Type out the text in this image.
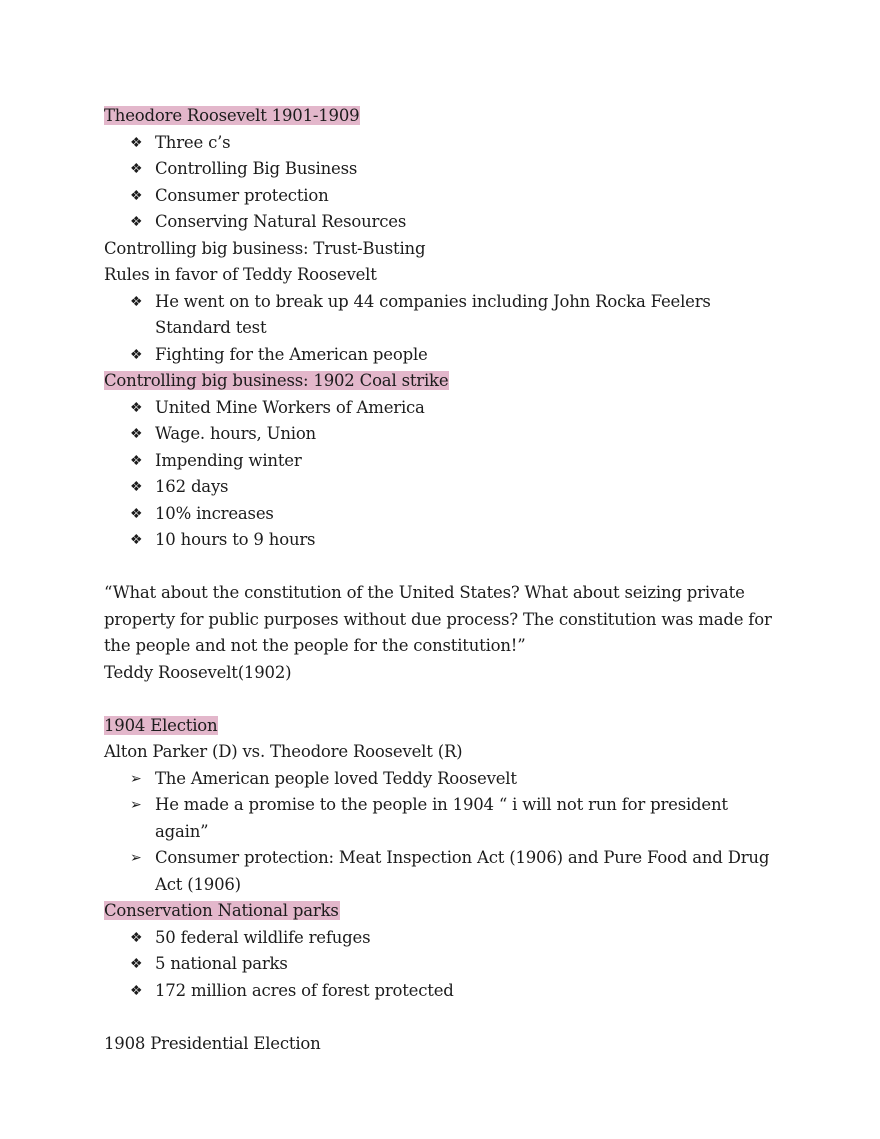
Theodore Roosevelt 1901-1909
❖ Three c’s
❖ Controlling Big Business
❖ Consumer protection
❖ Conserving Natural Resources
Controlling big business: Trust-Busting
Rules in favor of Teddy Roosevelt
❖ He went on to break up 44 companies including John Rocka Feelers Standard test
❖ Fighting for the American people
Controlling big business: 1902 Coal strike
❖ United Mine Workers of America
❖ Wage. hours, Union
❖ Impending winter
❖ 162 days
❖ 10% increases
❖ 10 hours to 9 hours
“What about the constitution of the United States? What about seizing private property for public purposes without due process? The constitution was made for the people and not the people for the constitution!”
Teddy Roosevelt(1902)
1904 Election
Alton Parker (D) vs. Theodore Roosevelt (R)
➢ The American people loved Teddy Roosevelt
➢ He made a promise to the people in 1904 “ i will not run for president again”
➢ Consumer protection: Meat Inspection Act (1906) and Pure Food and Drug Act (1906)
Conservation National parks
❖ 50 federal wildlife refuges
❖ 5 national parks
❖ 172 million acres of forest protected
1908 Presidential Election
